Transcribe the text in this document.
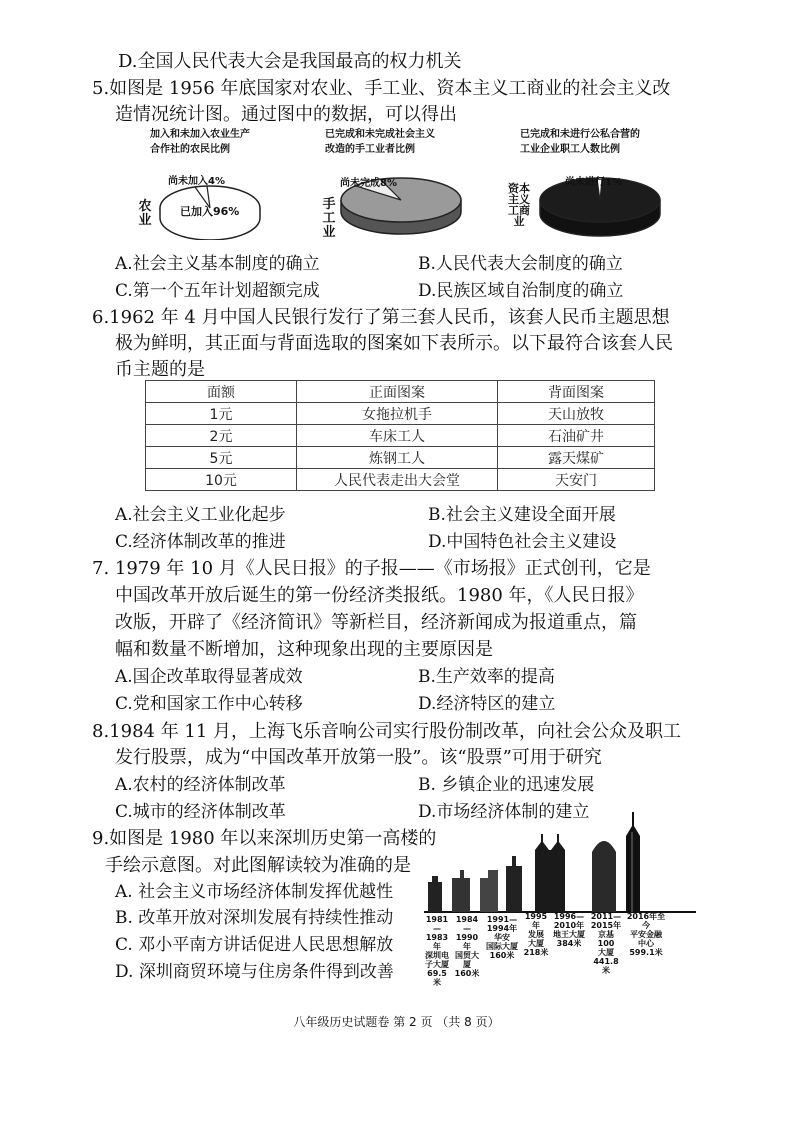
D.全国人民代表大会是我国最高的权力机关
5.如图是 1956 年底国家对农业、手工业、资本主义工商业的社会主义改
造情况统计图。通过图中的数据，可以得出
加入和未加入农业生产
合作社的农民比例
农业
尚未加入4%
已加入96%
已完成和未完成社会主义
改造的手工业者比例
手工业
尚未完成8%
已完成和未进行公私合营的
工业企业职工人数比例
资本主义工商业
尚未进行1%
A.社会主义基本制度的确立	B.人民代表大会制度的确立
C.第一个五年计划超额完成	D.民族区域自治制度的确立
6.1962 年 4 月中国人民银行发行了第三套人民币，该套人民币主题思想
极为鲜明，其正面与背面选取的图案如下表所示。以下最符合该套人民
币主题的是
面额	正面图案	背面图案
1元	女拖拉机手	天山放牧
2元	车床工人	石油矿井
5元	炼钢工人	露天煤矿
10元	人民代表走出大会堂	天安门
A.社会主义工业化起步	B.社会主义建设全面开展
C.经济体制改革的推进	D.中国特色社会主义建设
7. 1979 年 10 月《人民日报》的子报——《市场报》正式创刊，它是
中国改革开放后诞生的第一份经济类报纸。1980 年，《人民日报》
改版，开辟了《经济简讯》等新栏目，经济新闻成为报道重点，篇
幅和数量不断增加，这种现象出现的主要原因是
A.国企改革取得显著成效	B.生产效率的提高
C.党和国家工作中心转移	D.经济特区的建立
8.1984 年 11 月，上海飞乐音响公司实行股份制改革，向社会公众及职工
发行股票，成为“中国改革开放第一股”。该“股票”可用于研究
A.农村的经济体制改革	B. 乡镇企业的迅速发展
C.城市的经济体制改革	D.市场经济体制的建立
9.如图是 1980 年以来深圳历史第一高楼的
手绘示意图。对此图解读较为准确的是
A. 社会主义市场经济体制发挥优越性
B. 改革开放对深圳发展有持续性推动
C. 邓小平南方讲话促进人民思想解放
D. 深圳商贸环境与住房条件得到改善
1981—
1983年
深圳电
子大厦
69.5米
1984—
1990年
国贸大厦
160米
1991—
1994年
华安
国际大厦
160米
1995年
发展
大厦
218米
1996—
2010年
地王大厦
384米
2011—
2015年
京基100
大厦
441.8米
2016年至今
平安金融
中心
599.1米
八年级历史试题卷 第 2 页 （共 8 页）
